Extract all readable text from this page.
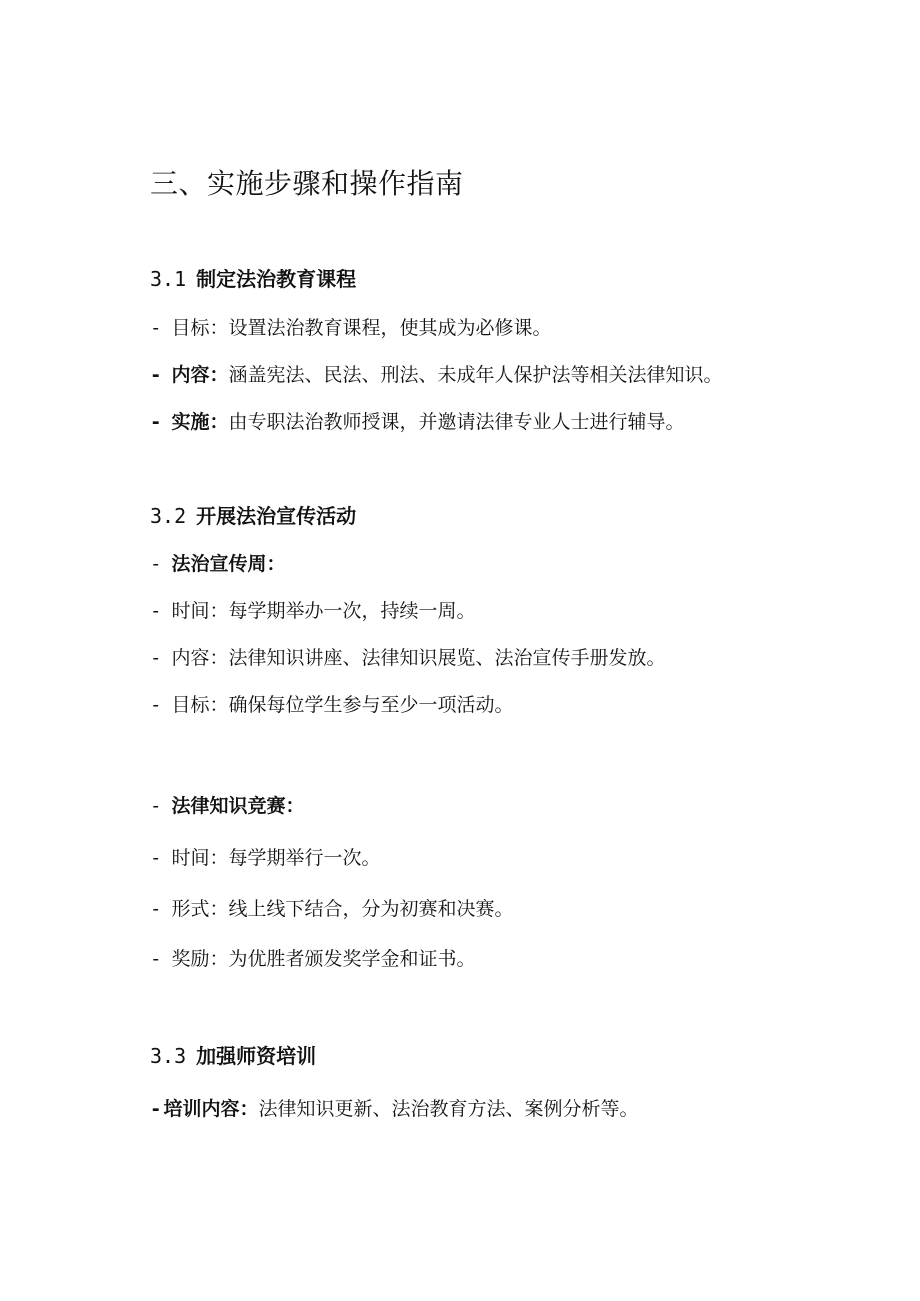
三、实施步骤和操作指南
3.1 制定法治教育课程
- 目标：设置法治教育课程，使其成为必修课。
- 内容：涵盖宪法、民法、刑法、未成年人保护法等相关法律知识。
- 实施：由专职法治教师授课，并邀请法律专业人士进行辅导。
3.2 开展法治宣传活动
- 法治宣传周：
- 时间：每学期举办一次，持续一周。
- 内容：法律知识讲座、法律知识展览、法治宣传手册发放。
- 目标：确保每位学生参与至少一项活动。
- 法律知识竞赛：
- 时间：每学期举行一次。
- 形式：线上线下结合，分为初赛和决赛。
- 奖励：为优胜者颁发奖学金和证书。
3.3 加强师资培训
- 培训内容：法律知识更新、法治教育方法、案例分析等。
